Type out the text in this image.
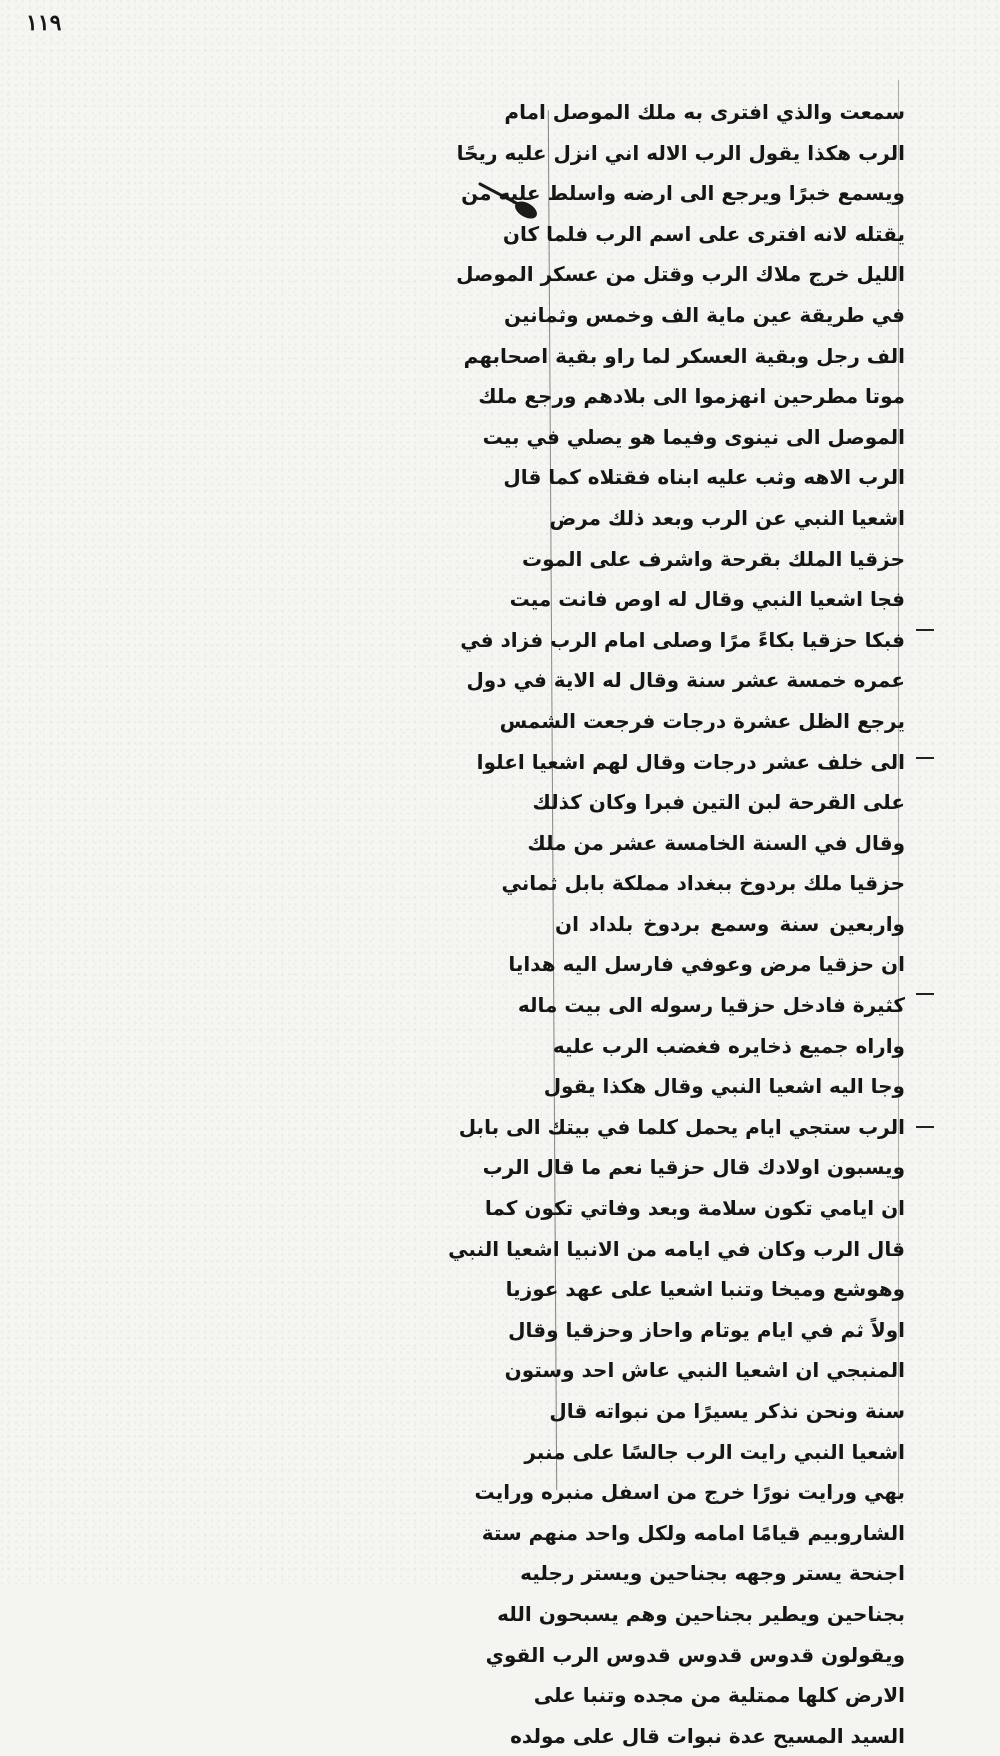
١١٩
سمعت والذي افترى به ملك الموصل امام
الرب هكذا يقول الرب الاله اني انزل عليه ريحًا
ويسمع خبرًا ويرجع الى ارضه واسلط عليه من
يقتله لانه افترى على اسم الرب فلما كان
الليل خرج ملاك الرب وقتل من عسكر الموصل
في طريقة عين ماية الف وخمس وثمانين
الف رجل وبقية العسكر لما راو بقية اصحابهم
موتا مطرحين انهزموا الى بلادهم ورجع ملك
الموصل الى نينوى وفيما هو يصلي في بيت
الرب الاهه وثب عليه ابناه فقتلاه كما قال
اشعيا النبي عن الرب وبعد ذلك مرض
حزقيا الملك بقرحة واشرف على الموت
فجا اشعيا النبي وقال له اوص فانت ميت
فبكا حزقيا بكاءً مرًا وصلى امام الرب فزاد في
عمره خمسة عشر سنة وقال له الاية في دول
يرجع الظل عشرة درجات فرجعت الشمس
الى خلف عشر درجات وقال لهم اشعيا اعلوا
على القرحة لبن التين فبرا وكان كذلك
وقال في السنة الخامسة عشر من ملك
حزقيا ملك بردوخ ببغداد مملكة بابل ثماني
واربعين سنة وسمع بردوخ بلداد ان
ان حزقيا مرض وعوفي فارسل اليه هدايا
كثيرة فادخل حزقيا رسوله الى بيت ماله
واراه جميع ذخايره فغضب الرب عليه
وجا اليه اشعيا النبي وقال هكذا يقول
الرب ستجي ايام يحمل كلما في بيتك الى بابل
ويسبون اولادك قال حزقيا نعم ما قال الرب
ان ايامي تكون سلامة وبعد وفاتي تكون كما
قال الرب وكان في ايامه من الانبيا اشعيا النبي
وهوشع وميخا وتنبا اشعيا على عهد عوزيا
اولاً ثم في ايام يوتام واحاز وحزقيا وقال
المنبجي ان اشعيا النبي عاش احد وستون
سنة ونحن نذكر يسيرًا من نبواته قال
اشعيا النبي رايت الرب جالسًا على منبر
بهي ورايت نورًا خرج من اسفل منبره ورايت
الشاروبيم قيامًا امامه ولكل واحد منهم ستة
اجنحة يستر وجهه بجناحين ويستر رجليه
بجناحين ويطير بجناحين وهم يسبحون الله
ويقولون قدوس قدوس قدوس الرب القوي
الارض كلها ممتلية من مجده وتنبا على
السيد المسيح عدة نبوات قال على مولده
